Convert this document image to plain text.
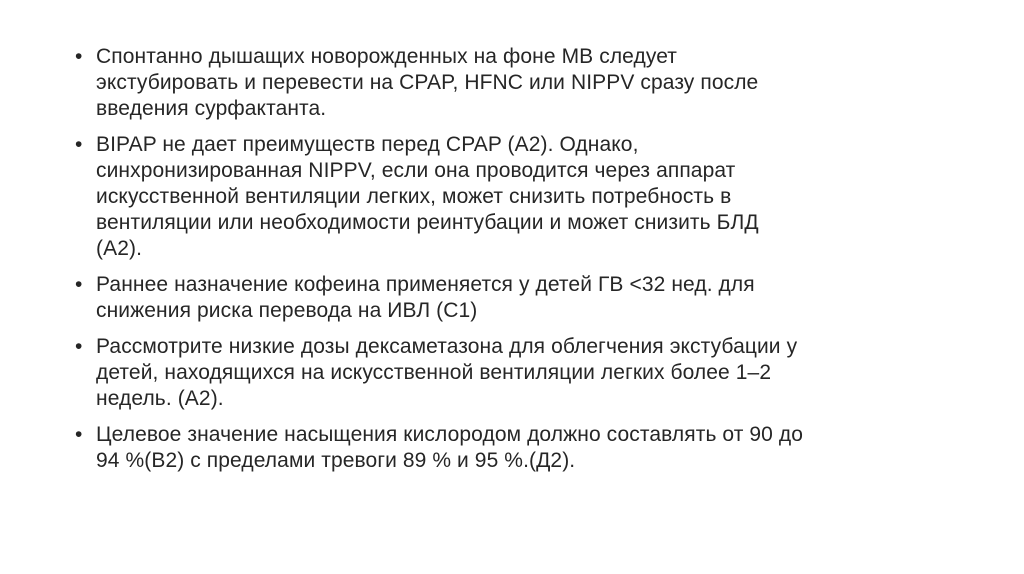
• Спонтанно дышащих новорожденных на фоне МВ следует
экстубировать и перевести на CPAP, HFNC или NIPPV сразу после
введения сурфактанта.
• BIPAP не дает преимуществ перед CPAP (А2). Однако,
синхронизированная NIPPV, если она проводится через аппарат
искусственной вентиляции легких, может снизить потребность в
вентиляции или необходимости реинтубации и может снизить БЛД
(А2).
• Раннее назначение кофеина применяется у детей ГВ <32 нед. для
снижения риска перевода на ИВЛ (С1)
• Рассмотрите низкие дозы дексаметазона для облегчения экстубации у
детей, находящихся на искусственной вентиляции легких более 1–2
недель. (А2).
• Целевое значение насыщения кислородом должно составлять от 90 до
94 %(В2) с пределами тревоги 89 % и 95 %.(Д2).
